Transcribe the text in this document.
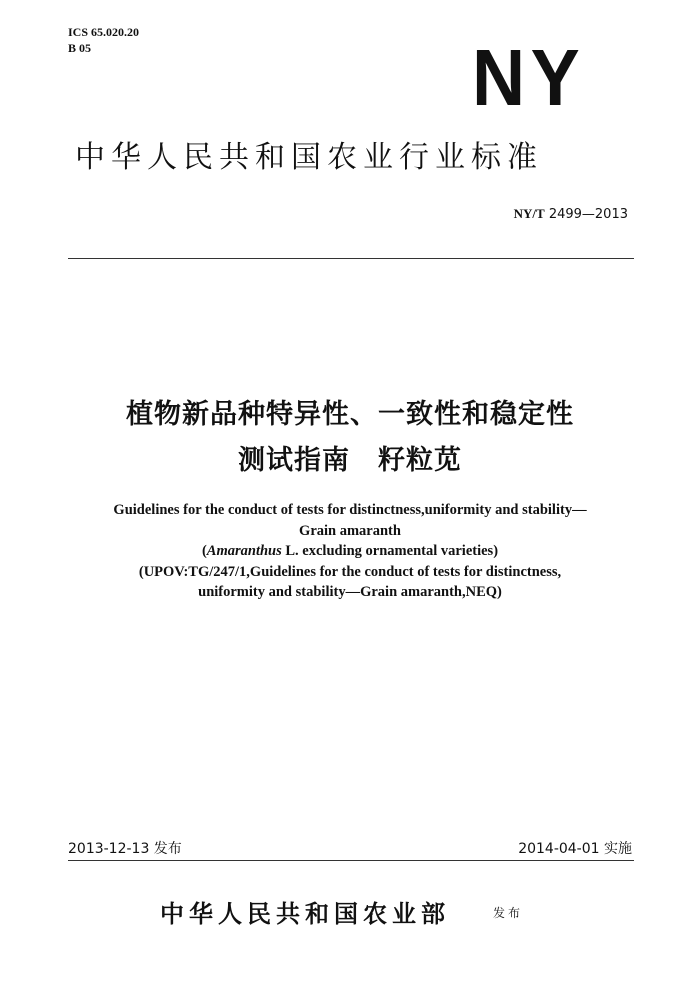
ICS 65.020.20
B 05	NY
中华人民共和国农业行业标准
NY/T 2499—2013
植物新品种特异性、一致性和稳定性
测试指南　籽粒苋
Guidelines for the conduct of tests for distinctness,uniformity and stability—
Grain amaranth
(Amaranthus L. excluding ornamental varieties)
(UPOV:TG/247/1,Guidelines for the conduct of tests for distinctness,
uniformity and stability—Grain amaranth,NEQ)
2013-12-13 发布	2014-04-01 实施
中华人民共和国农业部	发布
